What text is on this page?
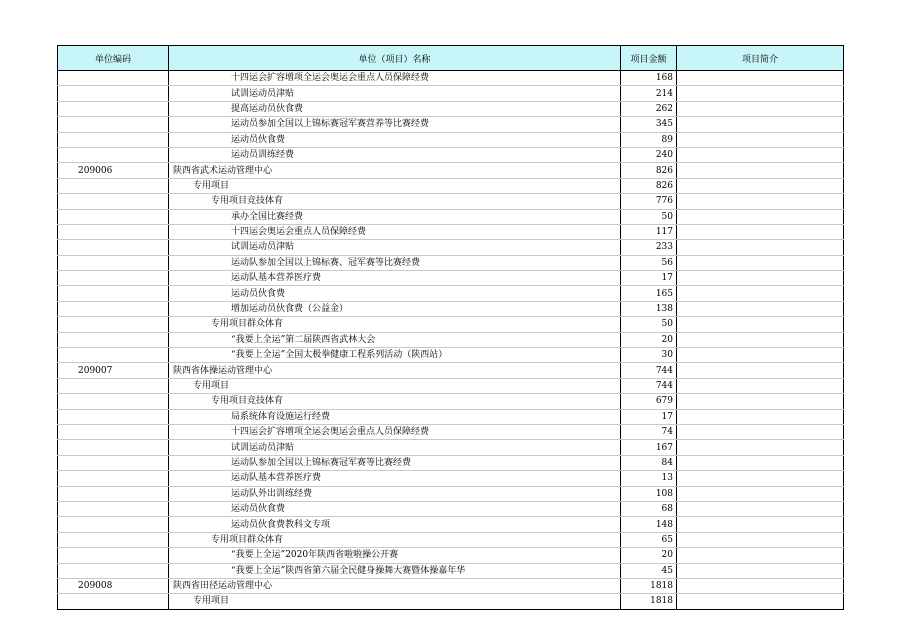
单位编码	单位（项目）名称	项目金额	项目简介
	十四运会扩容增项全运会奥运会重点人员保障经费	168	
	试训运动员津贴	214	
	提高运动员伙食费	262	
	运动员参加全国以上锦标赛冠军赛营养等比赛经费	345	
	运动员伙食费	89	
	运动员训练经费	240	
209006	陕西省武术运动管理中心	826	
	专用项目	826	
	专用项目竞技体育	776	
	承办全国比赛经费	50	
	十四运会奥运会重点人员保障经费	117	
	试训运动员津贴	233	
	运动队参加全国以上锦标赛、冠军赛等比赛经费	56	
	运动队基本营养医疗费	17	
	运动员伙食费	165	
	增加运动员伙食费（公益金）	138	
	专用项目群众体育	50	
	“我要上全运”第二届陕西省武林大会	20	
	“我要上全运”全国太极拳健康工程系列活动（陕西站）	30	
209007	陕西省体操运动管理中心	744	
	专用项目	744	
	专用项目竞技体育	679	
	局系统体育设施运行经费	17	
	十四运会扩容增项全运会奥运会重点人员保障经费	74	
	试训运动员津贴	167	
	运动队参加全国以上锦标赛冠军赛等比赛经费	84	
	运动队基本营养医疗费	13	
	运动队外出训练经费	108	
	运动员伙食费	68	
	运动员伙食费教科文专项	148	
	专用项目群众体育	65	
	“我要上全运”2020年陕西省啦啦操公开赛	20	
	“我要上全运”陕西省第六届全民健身操舞大赛暨体操嘉年华	45	
209008	陕西省田径运动管理中心	1818	
	专用项目	1818	
